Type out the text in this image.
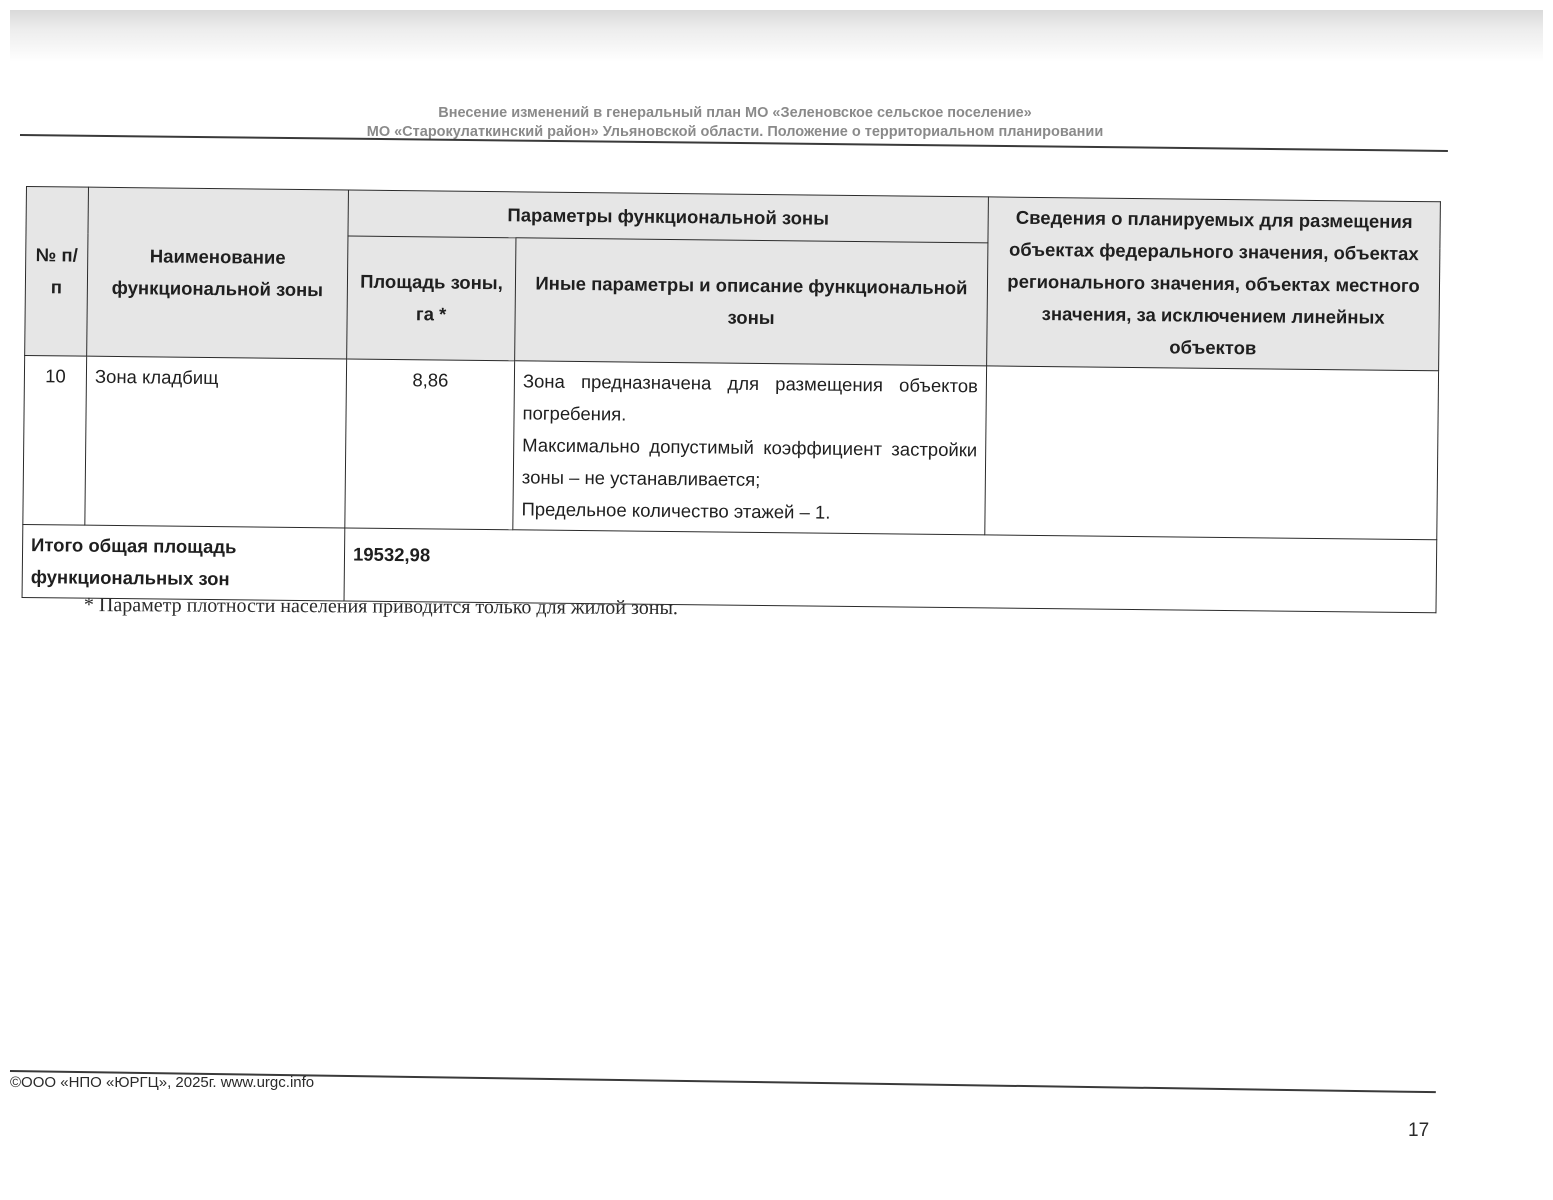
Внесение изменений в генеральный план МО «Зеленовское сельское поселение»
МО «Старокулаткинский район» Ульяновской области. Положение о территориальном планировании
№ п/п	Наименование функциональной зоны	Параметры функциональной зоны		Сведения о планируемых для размещения объектах федерального значения, объектах регионального значения, объектах местного значения, за исключением линейных объектов
		Площадь зоны, га *	Иные параметры и описание функциональной зоны	
10	Зона кладбищ	8,86	Зона предназначена для размещения объектов погребения.
Максимально допустимый коэффициент застройки зоны – не устанавливается;
Предельное количество этажей – 1.	

Итого общая площадь функциональных зон		19532,98		
* Параметр плотности населения приводится только для жилой зоны.
©ООО «НПО «ЮРГЦ», 2025г. www.urgc.info
17
